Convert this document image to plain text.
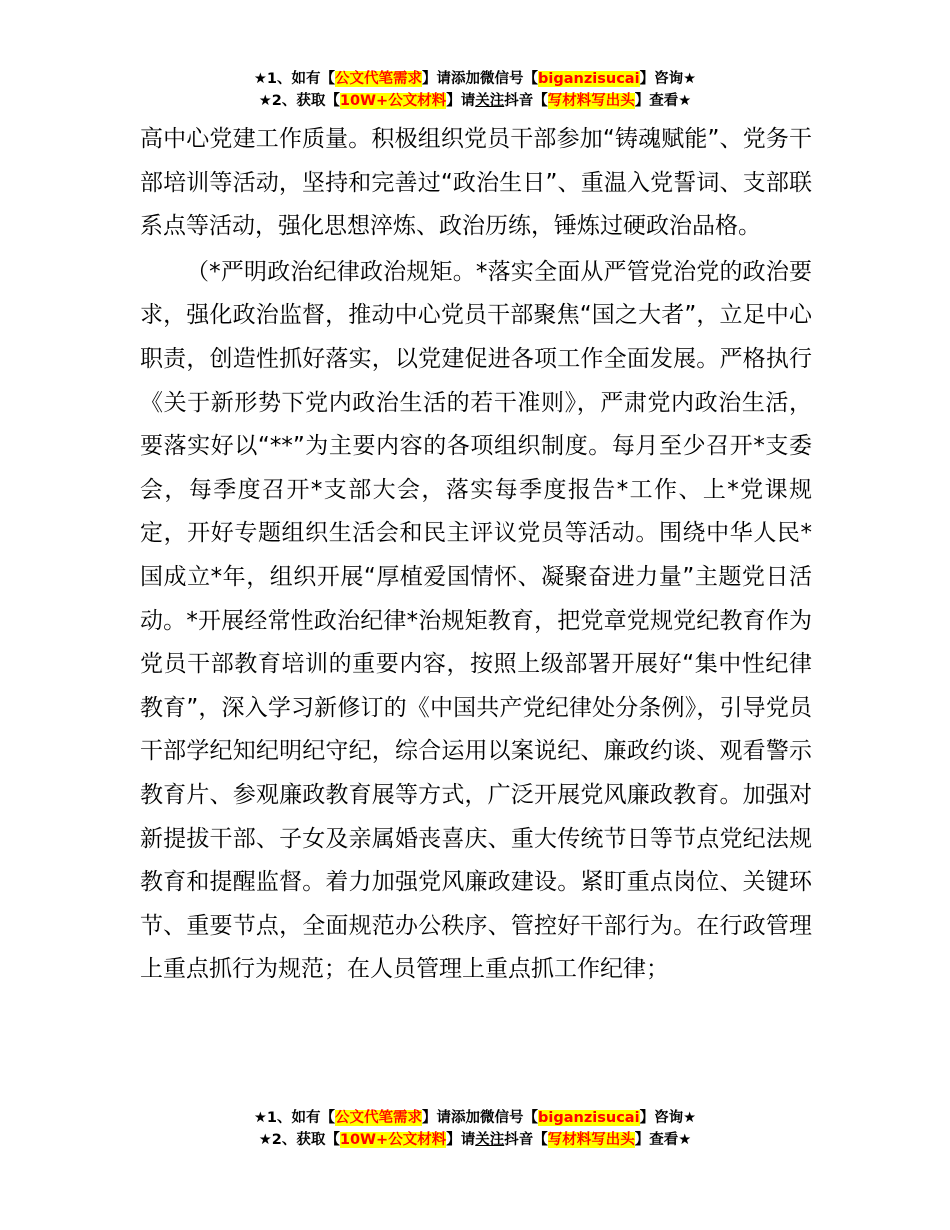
★1、如有【公文代笔需求】请添加微信号【biganzisucai】咨询★
★2、获取【10W+公文材料】请关注抖音【写材料写出头】查看★

高中心党建工作质量。积极组织党员干部参加“铸魂赋能”、党务干部培训等活动，坚持和完善过“政治生日”、重温入党誓词、支部联系点等活动，强化思想淬炼、政治历练，锤炼过硬政治品格。

（*严明政治纪律政治规矩。*落实全面从严管党治党的政治要求，强化政治监督，推动中心党员干部聚焦“国之大者”，立足中心职责，创造性抓好落实，以党建促进各项工作全面发展。严格执行《关于新形势下党内政治生活的若干准则》，严肃党内政治生活，要落实好以“**”为主要内容的各项组织制度。每月至少召开*支委会，每季度召开*支部大会，落实每季度报告*工作、上*党课规定，开好专题组织生活会和民主评议党员等活动。围绕中华人民*国成立*年，组织开展“厚植爱国情怀、凝聚奋进力量”主题党日活动。*开展经常性政治纪律*治规矩教育，把党章党规党纪教育作为党员干部教育培训的重要内容，按照上级部署开展好“集中性纪律教育”，深入学习新修订的《中国共产党纪律处分条例》，引导党员干部学纪知纪明纪守纪，综合运用以案说纪、廉政约谈、观看警示教育片、参观廉政教育展等方式，广泛开展党风廉政教育。加强对新提拔干部、子女及亲属婚丧喜庆、重大传统节日等节点党纪法规教育和提醒监督。着力加强党风廉政建设。紧盯重点岗位、关键环节、重要节点，全面规范办公秩序、管控好干部行为。在行政管理上重点抓行为规范；在人员管理上重点抓工作纪律；

★1、如有【公文代笔需求】请添加微信号【biganzisucai】咨询★
★2、获取【10W+公文材料】请关注抖音【写材料写出头】查看★
